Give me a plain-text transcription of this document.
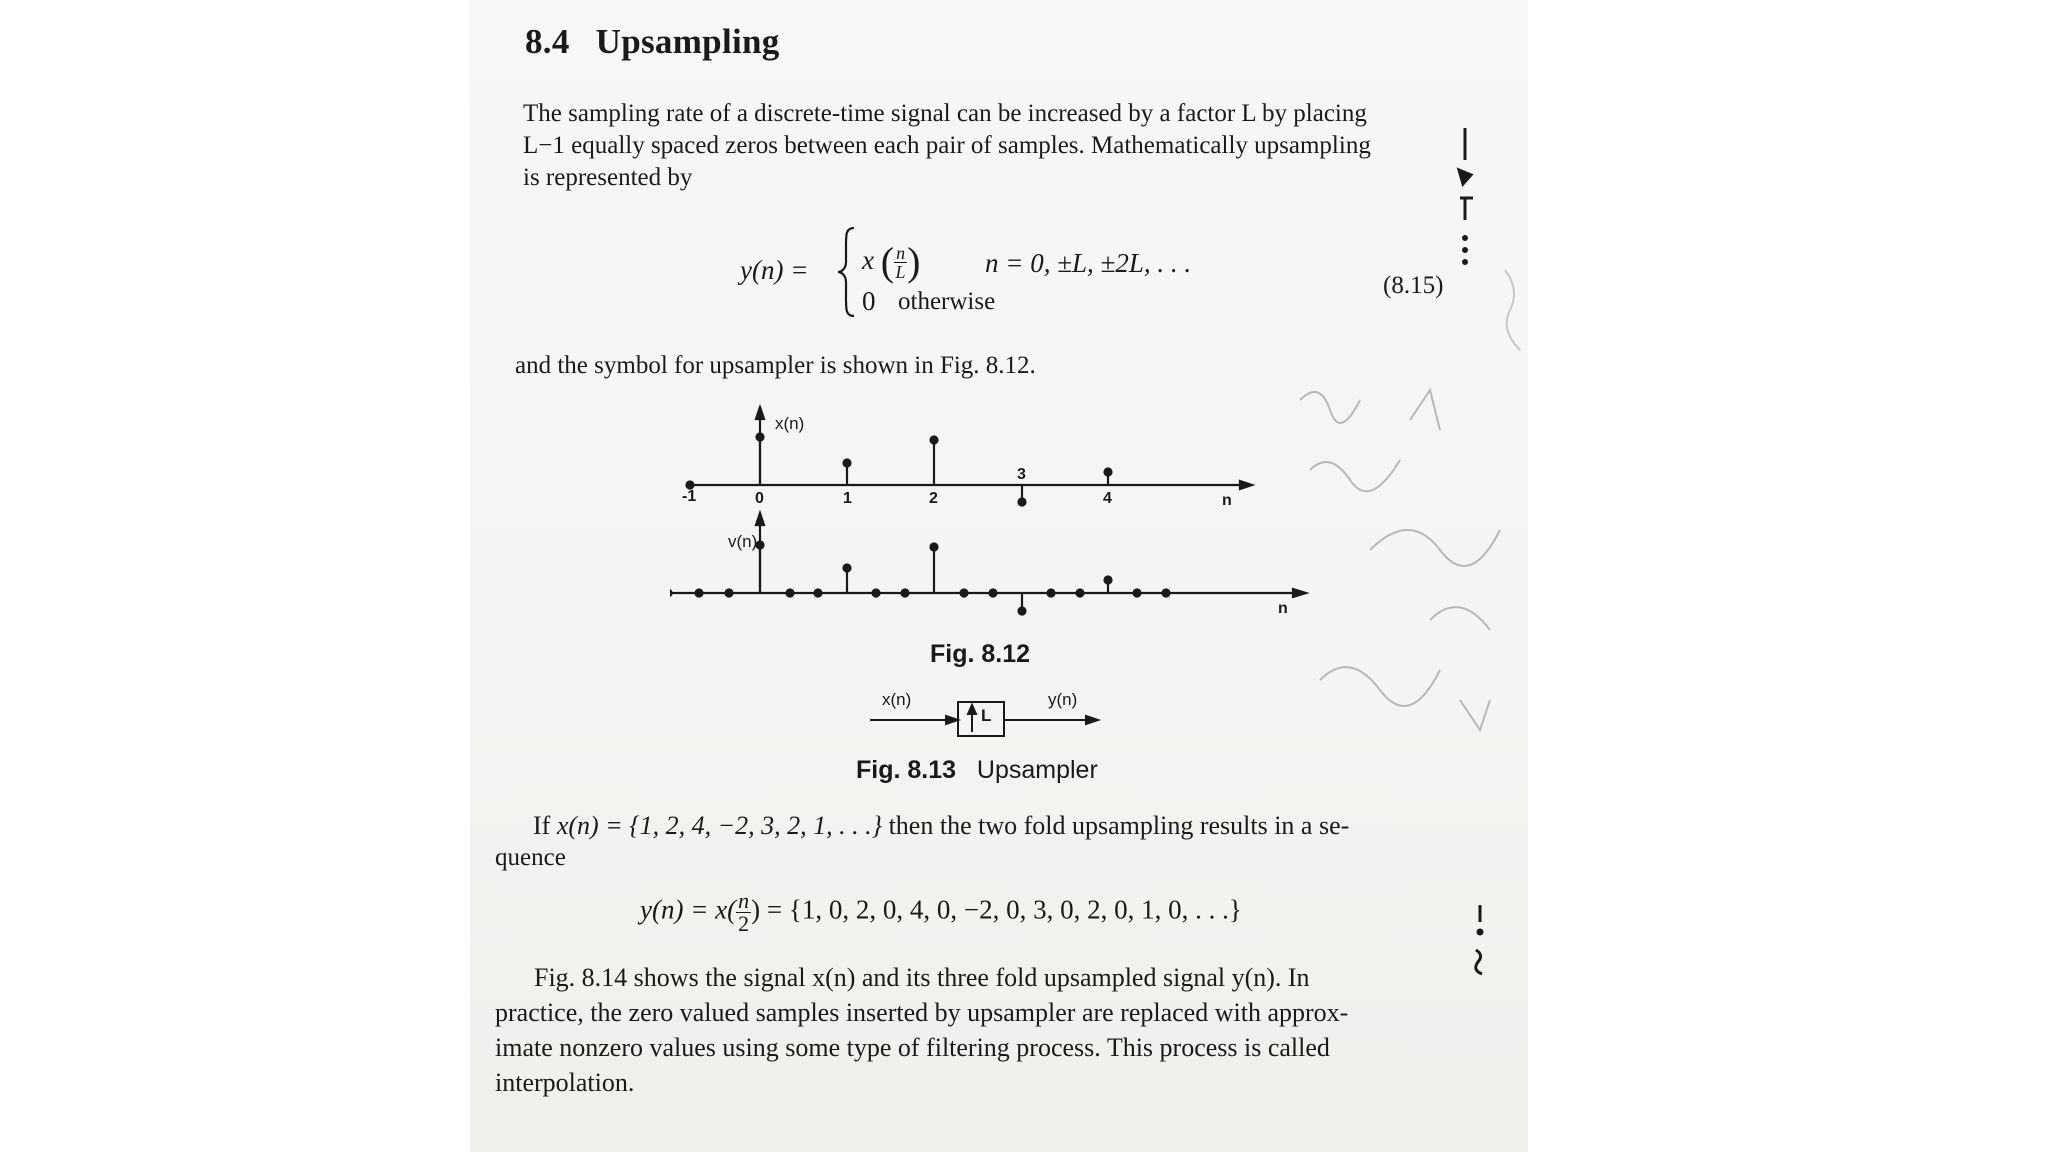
8.4 Upsampling
The sampling rate of a discrete-time signal can be increased by a factor L by placing
L−1 equally spaced zeros between each pair of samples. Mathematically upsampling
is represented by
y(n) = x ( $\frac{n}{L}$ ) n = 0, ±L, ±2L, . . .
0 otherwise
(8.15)
and the symbol for upsampler is shown in Fig. 8.12.
x(n)
v(n)
-1	0	1	2
3
4	n
n
Fig. 8.12
x(n)
L
y(n)
Fig. 8.13 Upsampler
If x(n) = {1, 2, 4, −2, 3, 2, 1, . . .} then the two fold upsampling results in a se-
quence
$y(n) = x( \frac{n}{2}$ ) = {1, 0, 2, 0, 4, 0, −2, 0, 3, 0, 2, 0, 1, 0, . . .}
Fig. 8.14 shows the signal x(n) and its three fold upsampled signal y(n). In
practice, the zero valued samples inserted by upsampler are replaced with approx-
imate nonzero values using some type of filtering process. This process is called
interpolation.
